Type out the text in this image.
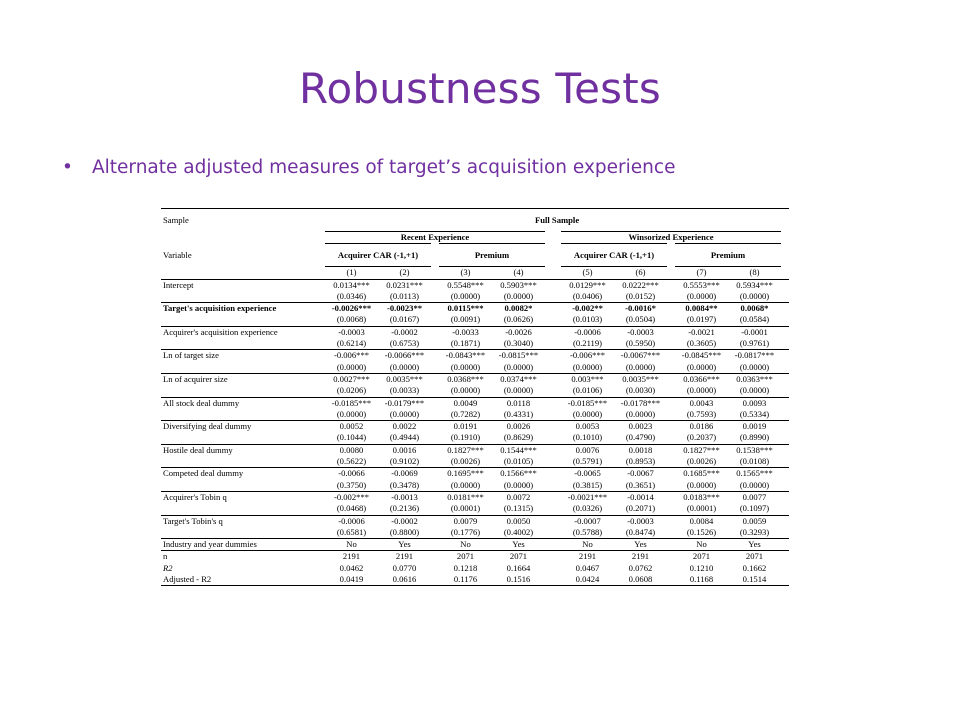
Robustness Tests
• Alternate adjusted measures of target’s acquisition experience
Sample	Full Sample											
	Recent Experience						Winsorized Experience					
Variable	Acquirer CAR (-1,+1)			Premium			Acquirer CAR (-1,+1)			Premium		
	(1)	(2)		(3)	(4)		(5)	(6)		(7)	(8)	
Intercept	0.0134***	0.0231***		0.5548***	0.5903***		0.0129***	0.0222***		0.5553***	0.5934***	
	(0.0346)	(0.0113)		(0.0000)	(0.0000)		(0.0406)	(0.0152)		(0.0000)	(0.0000)	
Target's acquisition experience	-0.0026***	-0.0023**		0.0115***	0.0082*		-0.002**	-0.0016*		0.0084**	0.0068*	
	(0.0068)	(0.0167)		(0.0091)	(0.0626)		(0.0103)	(0.0504)		(0.0197)	(0.0584)	
Acquirer's acquisition experience	-0.0003	-0.0002		-0.0033	-0.0026		-0.0006	-0.0003		-0.0021	-0.0001	
	(0.6214)	(0.6753)		(0.1871)	(0.3040)		(0.2119)	(0.5950)		(0.3605)	(0.9761)	
Ln of target size	-0.006***	-0.0066***		-0.0843***	-0.0815***		-0.006***	-0.0067***		-0.0845***	-0.0817***	
	(0.0000)	(0.0000)		(0.0000)	(0.0000)		(0.0000)	(0.0000)		(0.0000)	(0.0000)	
Ln of acquirer size	0.0027***	0.0035***		0.0368***	0.0374***		0.003***	0.0035***		0.0366***	0.0363***	
	(0.0206)	(0.0033)		(0.0000)	(0.0000)		(0.0106)	(0.0030)		(0.0000)	(0.0000)	
All stock deal dummy	-0.0185***	-0.0179***		0.0049	0.0118		-0.0185***	-0.0178***		0.0043	0.0093	
	(0.0000)	(0.0000)		(0.7282)	(0.4331)		(0.0000)	(0.0000)		(0.7593)	(0.5334)	
Diversifying deal dummy	0.0052	0.0022		0.0191	0.0026		0.0053	0.0023		0.0186	0.0019	
	(0.1044)	(0.4944)		(0.1910)	(0.8629)		(0.1010)	(0.4790)		(0.2037)	(0.8990)	
Hostile deal dummy	0.0080	0.0016		0.1827***	0.1544***		0.0076	0.0018		0.1827***	0.1538***	
	(0.5622)	(0.9102)		(0.0026)	(0.0105)		(0.5791)	(0.8953)		(0.0026)	(0.0108)	
Competed deal dummy	-0.0066	-0.0069		0.1695***	0.1566***		-0.0065	-0.0067		0.1685***	0.1565***	
	(0.3750)	(0.3478)		(0.0000)	(0.0000)		(0.3815)	(0.3651)		(0.0000)	(0.0000)	
Acquirer's Tobin q	-0.002***	-0.0013		0.0181***	0.0072		-0.0021***	-0.0014		0.0183***	0.0077	
	(0.0468)	(0.2136)		(0.0001)	(0.1315)		(0.0326)	(0.2071)		(0.0001)	(0.1097)	
Target's Tobin's q	-0.0006	-0.0002		0.0079	0.0050		-0.0007	-0.0003		0.0084	0.0059	
	(0.6581)	(0.8800)		(0.1776)	(0.4002)		(0.5788)	(0.8474)		(0.1526)	(0.3293)	
Industry and year dummies	No	Yes		No	Yes		No	Yes		No	Yes	
n	2191	2191		2071	2071		2191	2191		2071	2071	
R2	0.0462	0.0770		0.1218	0.1664		0.0467	0.0762		0.1210	0.1662	
Adjusted - R2	0.0419	0.0616		0.1176	0.1516		0.0424	0.0608		0.1168	0.1514	
